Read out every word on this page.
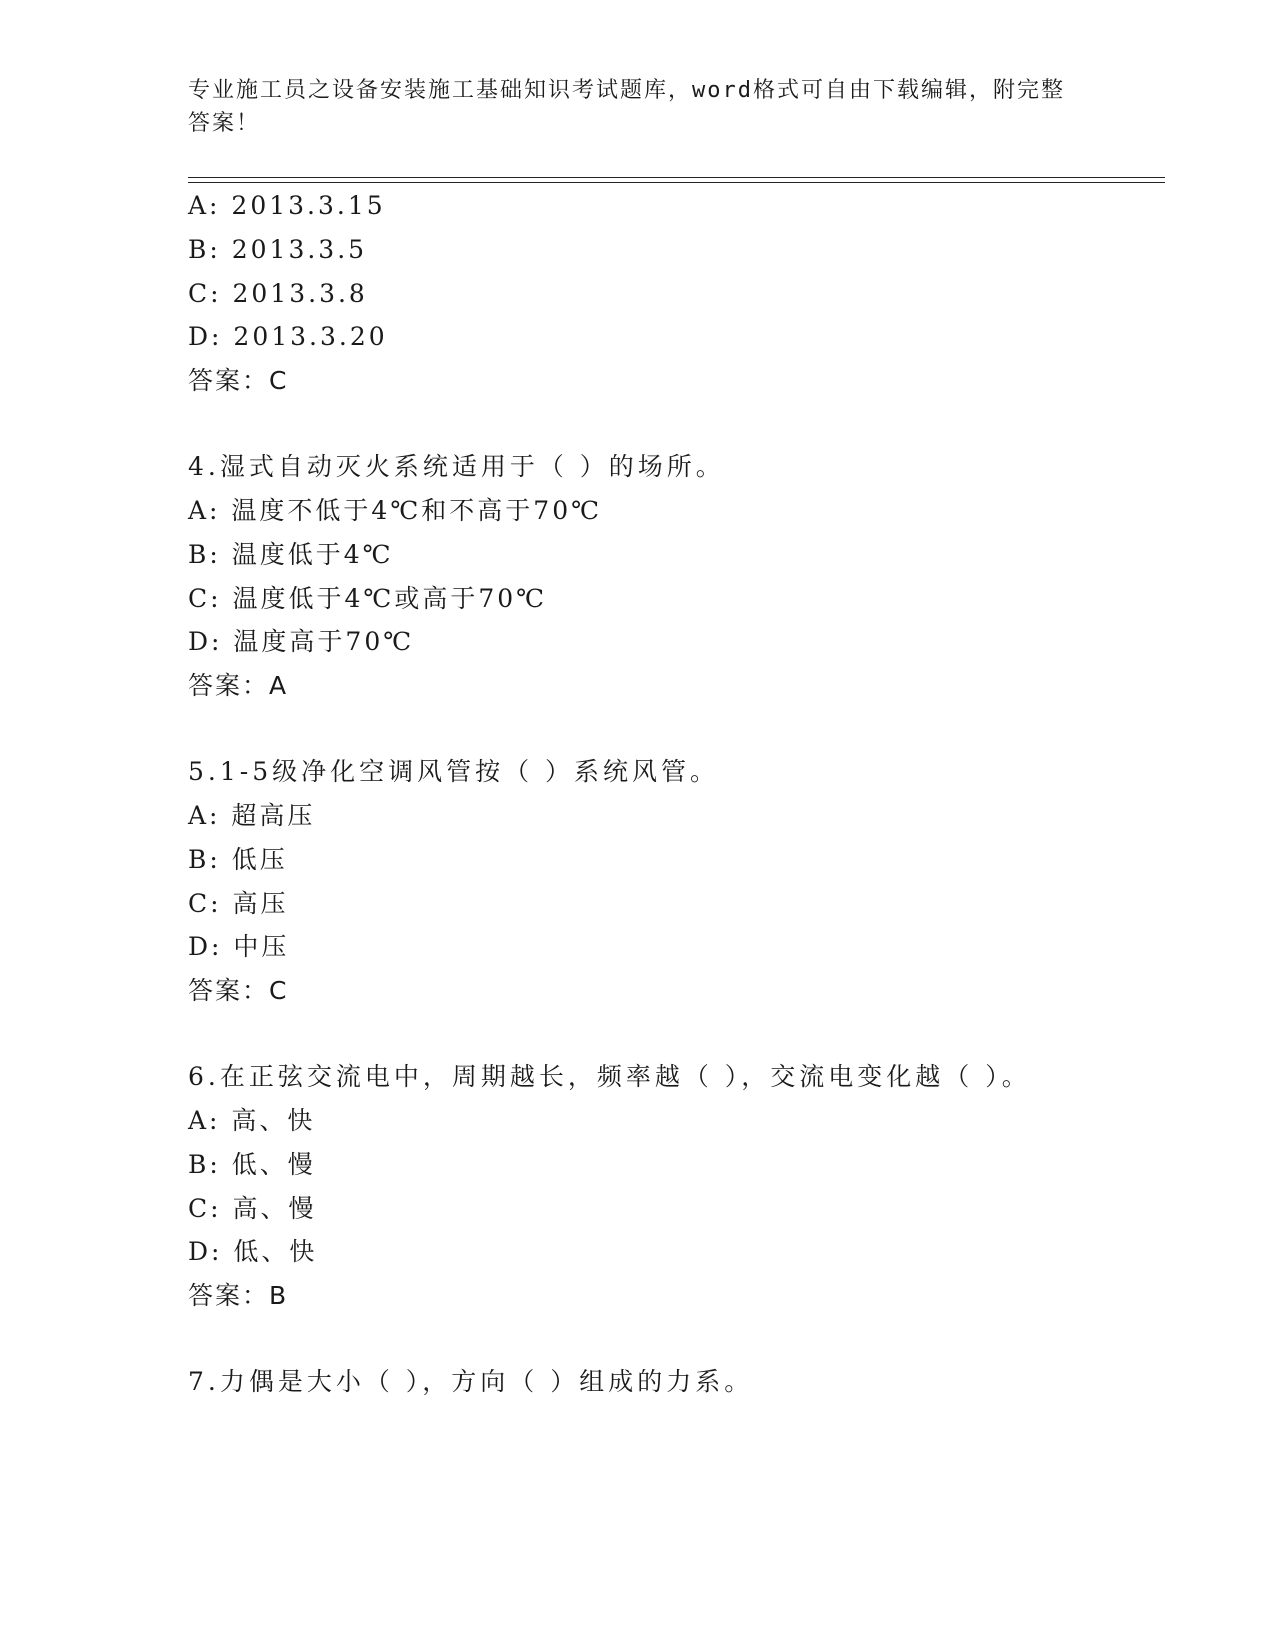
专业施工员之设备安装施工基础知识考试题库，word格式可自由下载编辑，附完整答案！
A: 2013.3.15
B: 2013.3.5
C: 2013.3.8
D: 2013.3.20
答案：C
4.湿式自动灭火系统适用于（ ）的场所。
A: 温度不低于4℃和不高于70℃
B: 温度低于4℃
C: 温度低于4℃或高于70℃
D: 温度高于70℃
答案：A
5.1-5级净化空调风管按（ ）系统风管。
A: 超高压
B: 低压
C: 高压
D: 中压
答案：C
6.在正弦交流电中，周期越长，频率越（ ），交流电变化越（ ）。
A: 高、快
B: 低、慢
C: 高、慢
D: 低、快
答案：B
7.力偶是大小（ ），方向（ ）组成的力系。
